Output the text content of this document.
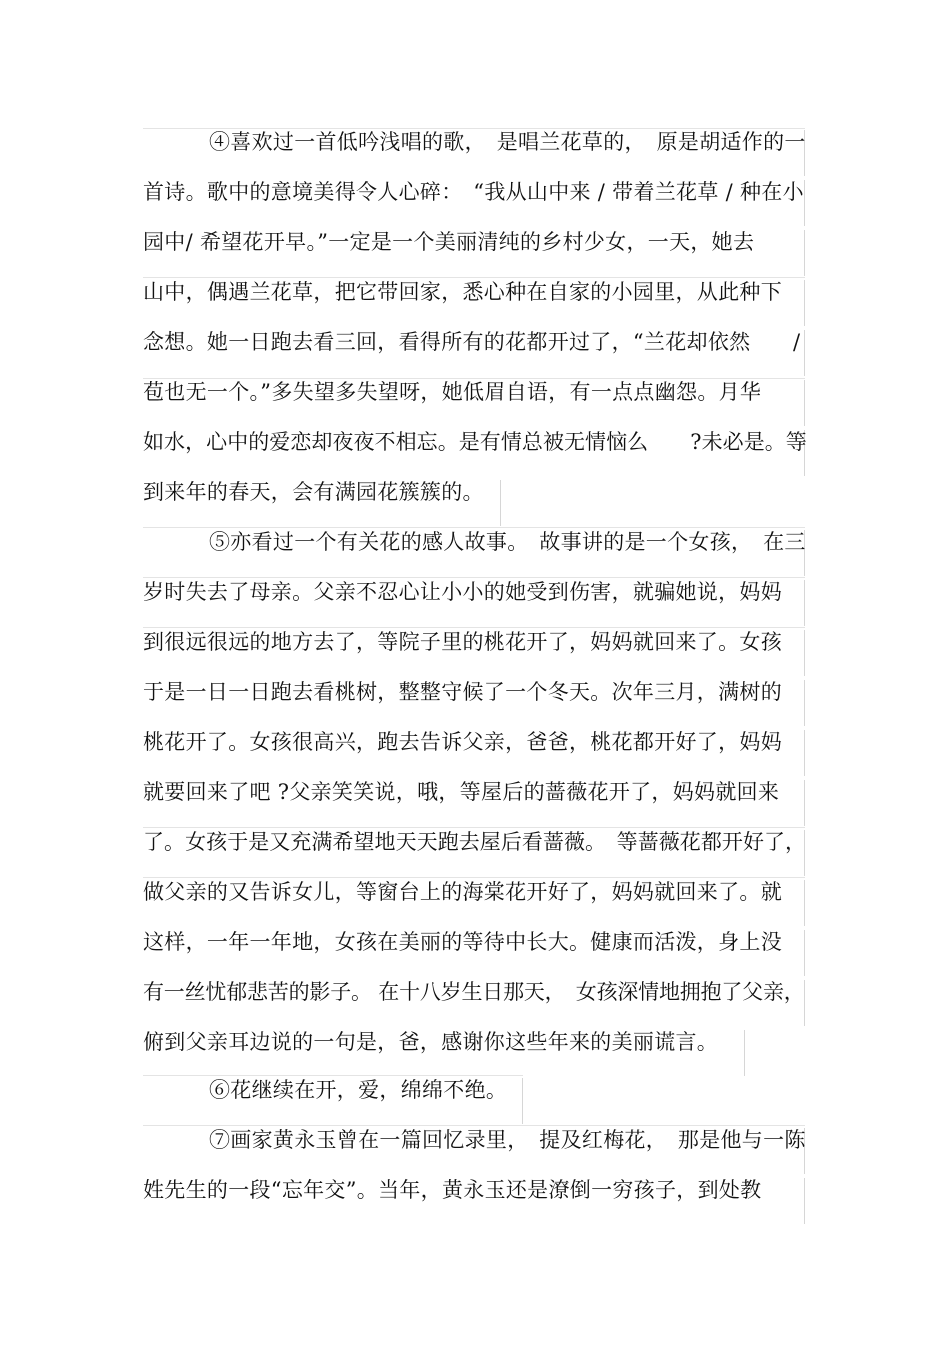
④喜欢过一首低吟浅唱的歌，　是唱兰花草的，　原是胡适作的一
首诗。歌中的意境美得令人心碎：　“我从山中来 / 带着兰花草 / 种在小
园中/ 希望花开早。”一定是一个美丽清纯的乡村少女，一天，她去
山中，偶遇兰花草，把它带回家，悉心种在自家的小园里，从此种下
念想。她一日跑去看三回，看得所有的花都开过了，“兰花却依然　　/
苞也无一个。”多失望多失望呀，她低眉自语，有一点点幽怨。月华
如水，心中的爱恋却夜夜不相忘。是有情总被无情恼么　　?未必是。等
到来年的春天，会有满园花簇簇的。
⑤亦看过一个有关花的感人故事。　故事讲的是一个女孩，　在三
岁时失去了母亲。父亲不忍心让小小的她受到伤害，就骗她说，妈妈
到很远很远的地方去了，等院子里的桃花开了，妈妈就回来了。女孩
于是一日一日跑去看桃树，整整守候了一个冬天。次年三月，满树的
桃花开了。女孩很高兴，跑去告诉父亲，爸爸，桃花都开好了，妈妈
就要回来了吧 ?父亲笑笑说，哦，等屋后的蔷薇花开了，妈妈就回来
了。女孩于是又充满希望地天天跑去屋后看蔷薇。　等蔷薇花都开好了，
做父亲的又告诉女儿，等窗台上的海棠花开好了，妈妈就回来了。就
这样，一年一年地，女孩在美丽的等待中长大。健康而活泼，身上没
有一丝忧郁悲苦的影子。 在十八岁生日那天，　女孩深情地拥抱了父亲，
俯到父亲耳边说的一句是，爸，感谢你这些年来的美丽谎言。
⑥花继续在开，爱，绵绵不绝。
⑦画家黄永玉曾在一篇回忆录里，　提及红梅花，　那是他与一陈
姓先生的一段“忘年交”。当年，黄永玉还是潦倒一穷孩子，到处教
